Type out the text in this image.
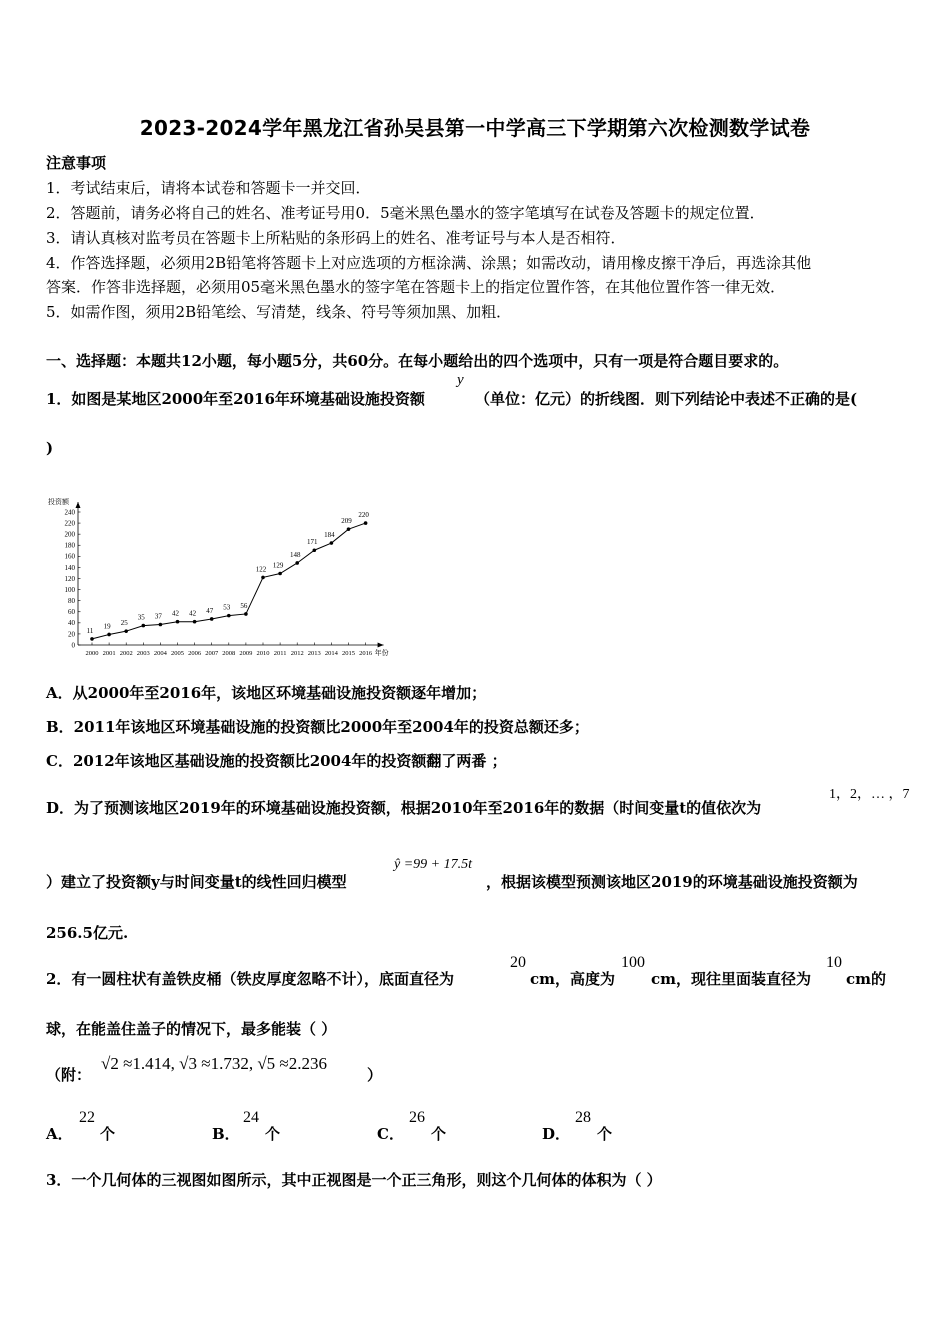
2023-2024学年黑龙江省孙吴县第一中学高三下学期第六次检测数学试卷
注意事项
1．考试结束后，请将本试卷和答题卡一并交回．
2．答题前，请务必将自己的姓名、准考证号用0．5毫米黑色墨水的签字笔填写在试卷及答题卡的规定位置．
3．请认真核对监考员在答题卡上所粘贴的条形码上的姓名、准考证号与本人是否相符．
4．作答选择题，必须用2B铅笔将答题卡上对应选项的方框涂满、涂黑；如需改动，请用橡皮擦干净后，再选涂其他
答案．作答非选择题，必须用05毫米黑色墨水的签字笔在答题卡上的指定位置作答，在其他位置作答一律无效．
5．如需作图，须用2B铅笔绘、写清楚，线条、符号等须加黑、加粗．
一、选择题：本题共12小题，每小题5分，共60分。在每小题给出的四个选项中，只有一项是符合题目要求的。
1．如图是某地区2000年至2016年环境基础设施投资额
y
（单位：亿元）的折线图．则下列结论中表述不正确的是(
)
投资额
年份
0
20
40
60
80
100
120
140
160
180
200
220
240
2000 2001 2002 2003 2004 2005 2006 2007 2008 2009 2010 2011 2012 2013 2014 2015 2016
11
19 25
35 37 42 42 47 53 56
122 129
148
171
184
209
220
A．从2000年至2016年，该地区环境基础设施投资额逐年增加；
B．2011年该地区环境基础设施的投资额比2000年至2004年的投资总额还多；
C．2012年该地区基础设施的投资额比2004年的投资额翻了两番 ；
D．为了预测该地区2019年的环境基础设施投资额，根据2010年至2016年的数据（时间变量t的值依次为
1，2，… ，7
）建立了投资额y与时间变量t的线性回归模型
ŷ =99 + 17.5t
，根据该模型预测该地区2019的环境基础设施投资额为
256.5亿元.
2．有一圆柱状有盖铁皮桶（铁皮厚度忽略不计），底面直径为
20
cm，高度为
100
cm，现往里面装直径为
10
cm的
球，在能盖住盖子的情况下，最多能装（ ）
（附：
√2 ≈1.414, √3 ≈1.732, √5 ≈2.236
）
A．
22
个	B．
24
个	C．
26
个	D．
28
个
3．一个几何体的三视图如图所示，其中正视图是一个正三角形，则这个几何体的体积为（ ）
